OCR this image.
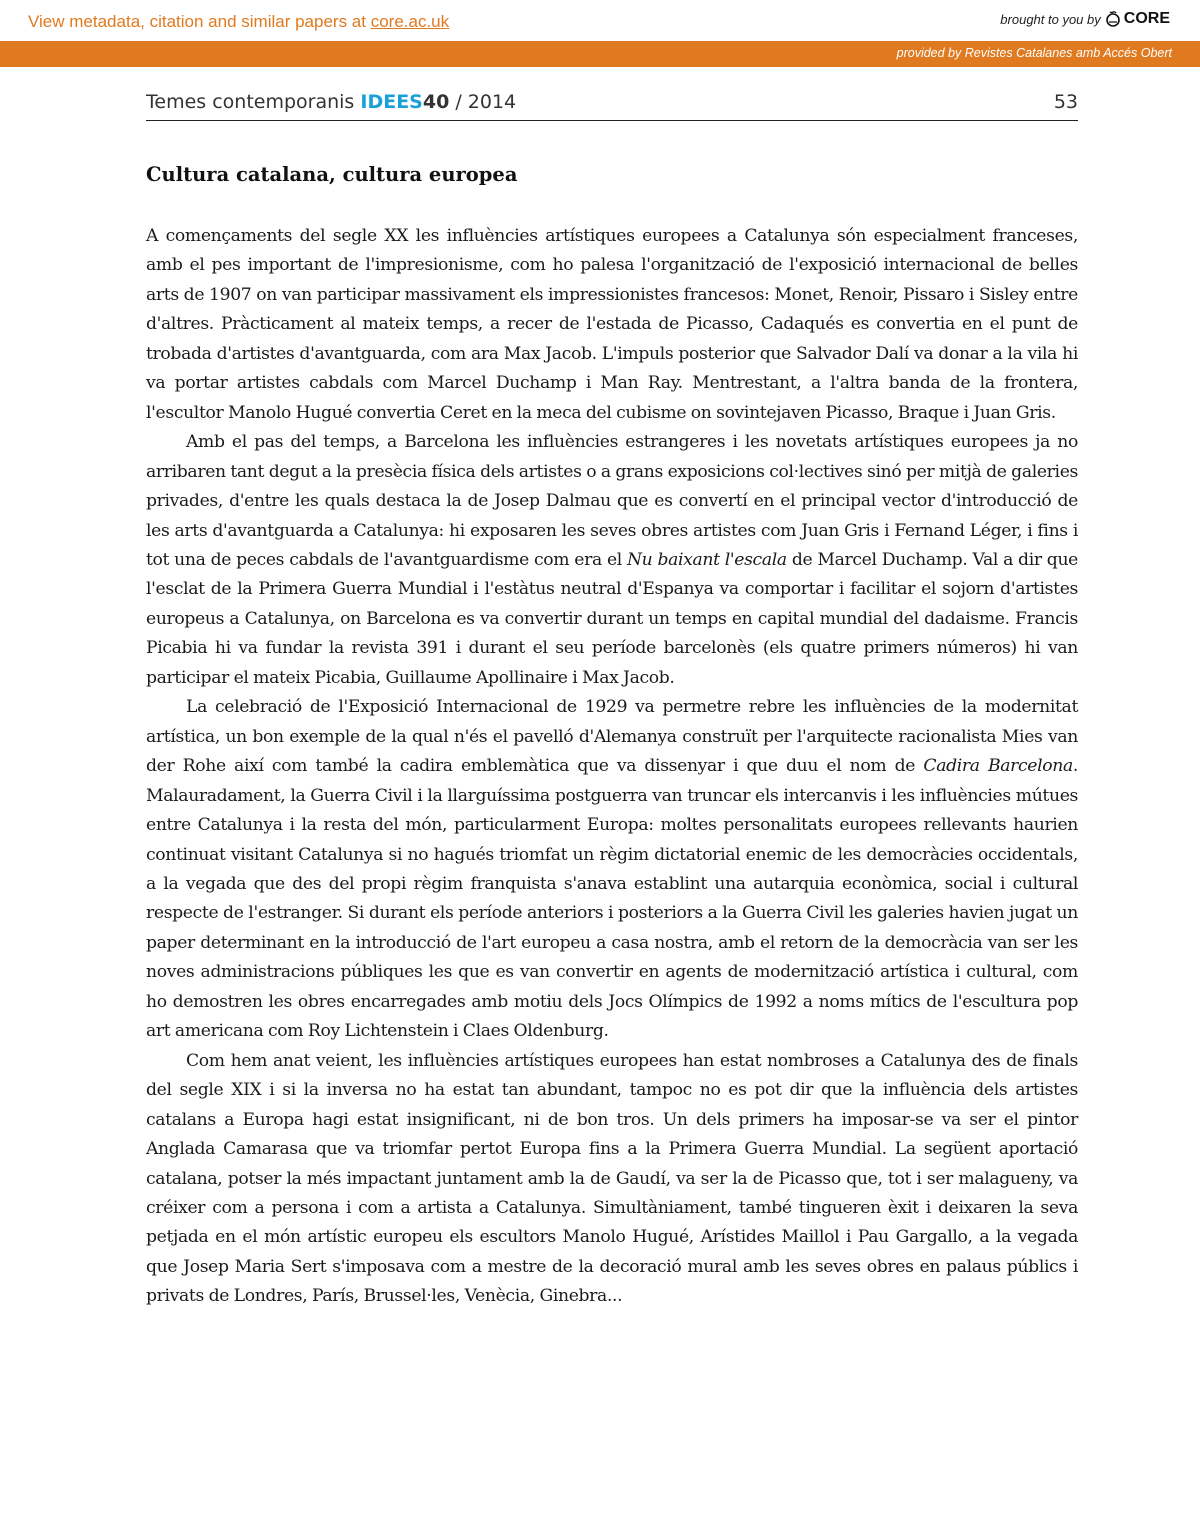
View metadata, citation and similar papers at core.ac.uk	brought to you by CORE
provided by Revistes Catalanes amb Accés Obert
Temes contemporanis IDEES40 / 2014	53
Cultura catalana, cultura europea

A començaments del segle XX les influències artístiques europees a Catalunya són especialment franceses, amb el pes important de l'impresionisme, com ho palesa l'organització de l'exposició internacional de belles arts de 1907 on van participar massivament els impressionistes francesos: Monet, Renoir, Pissaro i Sisley entre d'altres. Pràcticament al mateix temps, a recer de l'estada de Picasso, Cadaqués es convertia en el punt de trobada d'artistes d'avantguarda, com ara Max Jacob. L'impuls posterior que Salvador Dalí va donar a la vila hi va portar artistes cabdals com Marcel Duchamp i Man Ray. Mentrestant, a l'altra banda de la frontera, l'escultor Manolo Hugué convertia Ceret en la meca del cubisme on sovintejaven Picasso, Braque i Juan Gris.

Amb el pas del temps, a Barcelona les influències estrangeres i les novetats artístiques europees ja no arribaren tant degut a la presècia física dels artistes o a grans exposicions col·lectives sinó per mitjà de galeries privades, d'entre les quals destaca la de Josep Dalmau que es convertí en el principal vector d'introducció de les arts d'avantguarda a Catalunya: hi exposaren les seves obres artistes com Juan Gris i Fernand Léger, i fins i tot una de peces cabdals de l'avantguardisme com era el Nu baixant l'escala de Marcel Duchamp. Val a dir que l'esclat de la Primera Guerra Mundial i l'estàtus neutral d'Espanya va comportar i facilitar el sojorn d'artistes europeus a Catalunya, on Barcelona es va convertir durant un temps en capital mundial del dadaisme. Francis Picabia hi va fundar la revista 391 i durant el seu període barcelonès (els quatre primers números) hi van participar el mateix Picabia, Guillaume Apollinaire i Max Jacob.

La celebració de l'Exposició Internacional de 1929 va permetre rebre les influències de la modernitat artística, un bon exemple de la qual n'és el pavelló d'Alemanya construït per l'arquitecte racionalista Mies van der Rohe així com també la cadira emblemàtica que va dissenyar i que duu el nom de Cadira Barcelona. Malauradament, la Guerra Civil i la llarguíssima postguerra van truncar els intercanvis i les influències mútues entre Catalunya i la resta del món, particularment Europa: moltes personalitats europees rellevants haurien continuat visitant Catalunya si no hagués triomfat un règim dictatorial enemic de les democràcies occidentals, a la vegada que des del propi règim franquista s'anava establint una autarquia econòmica, social i cultural respecte de l'estranger. Si durant els període anteriors i posteriors a la Guerra Civil les galeries havien jugat un paper determinant en la introducció de l'art europeu a casa nostra, amb el retorn de la democràcia van ser les noves administracions públiques les que es van convertir en agents de modernització artística i cultural, com ho demostren les obres encarregades amb motiu dels Jocs Olímpics de 1992 a noms mítics de l'escultura pop art americana com Roy Lichtenstein i Claes Oldenburg.

Com hem anat veient, les influències artístiques europees han estat nombroses a Catalunya des de finals del segle XIX i si la inversa no ha estat tan abundant, tampoc no es pot dir que la influència dels artistes catalans a Europa hagi estat insignificant, ni de bon tros. Un dels primers ha imposar-se va ser el pintor Anglada Camarasa que va triomfar pertot Europa fins a la Primera Guerra Mundial. La següent aportació catalana, potser la més impactant juntament amb la de Gaudí, va ser la de Picasso que, tot i ser malagueny, va créixer com a persona i com a artista a Catalunya. Simultàniament, també tingueren èxit i deixaren la seva petjada en el món artístic europeu els escultors Manolo Hugué, Arístides Maillol i Pau Gargallo, a la vegada que Josep Maria Sert s'imposava com a mestre de la decoració mural amb les seves obres en palaus públics i privats de Londres, París, Brussel·les, Venècia, Ginebra...
